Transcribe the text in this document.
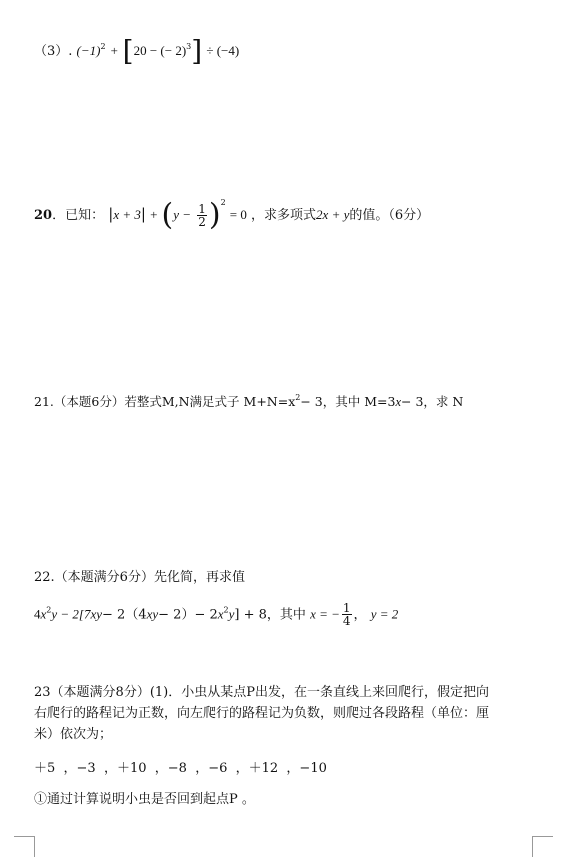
（3）. $(-1)^2 + [20$ − (− 2)$^3$] ÷ (−4)
20．已知： $|x + 3| + (y - \frac{1}{2} )^2 = 0$ ，求多项式2x + y的值。（6分）
21.（本题6分）若整式M,N满足式子 $M+N=x^2- 3$，其中 M=3x− 3，求 N
22.（本题满分6分）先化简，再求值
$4x^2y - 2[7xy- 2(4xy- 2)- 2x^2y] + 8$，其中 x = − $\frac{1}{4}$ ， y = 2
23（本题满分8分）(1)．小虫从某点P出发，在一条直线上来回爬行，假定把向
右爬行的路程记为正数，向左爬行的路程记为负数，则爬过各段路程（单位：厘
米）依次为；
＋5  ，−3  ，＋10  ，−8  ，−6  ，＋12  ，−10
①通过计算说明小虫是否回到起点P 。
